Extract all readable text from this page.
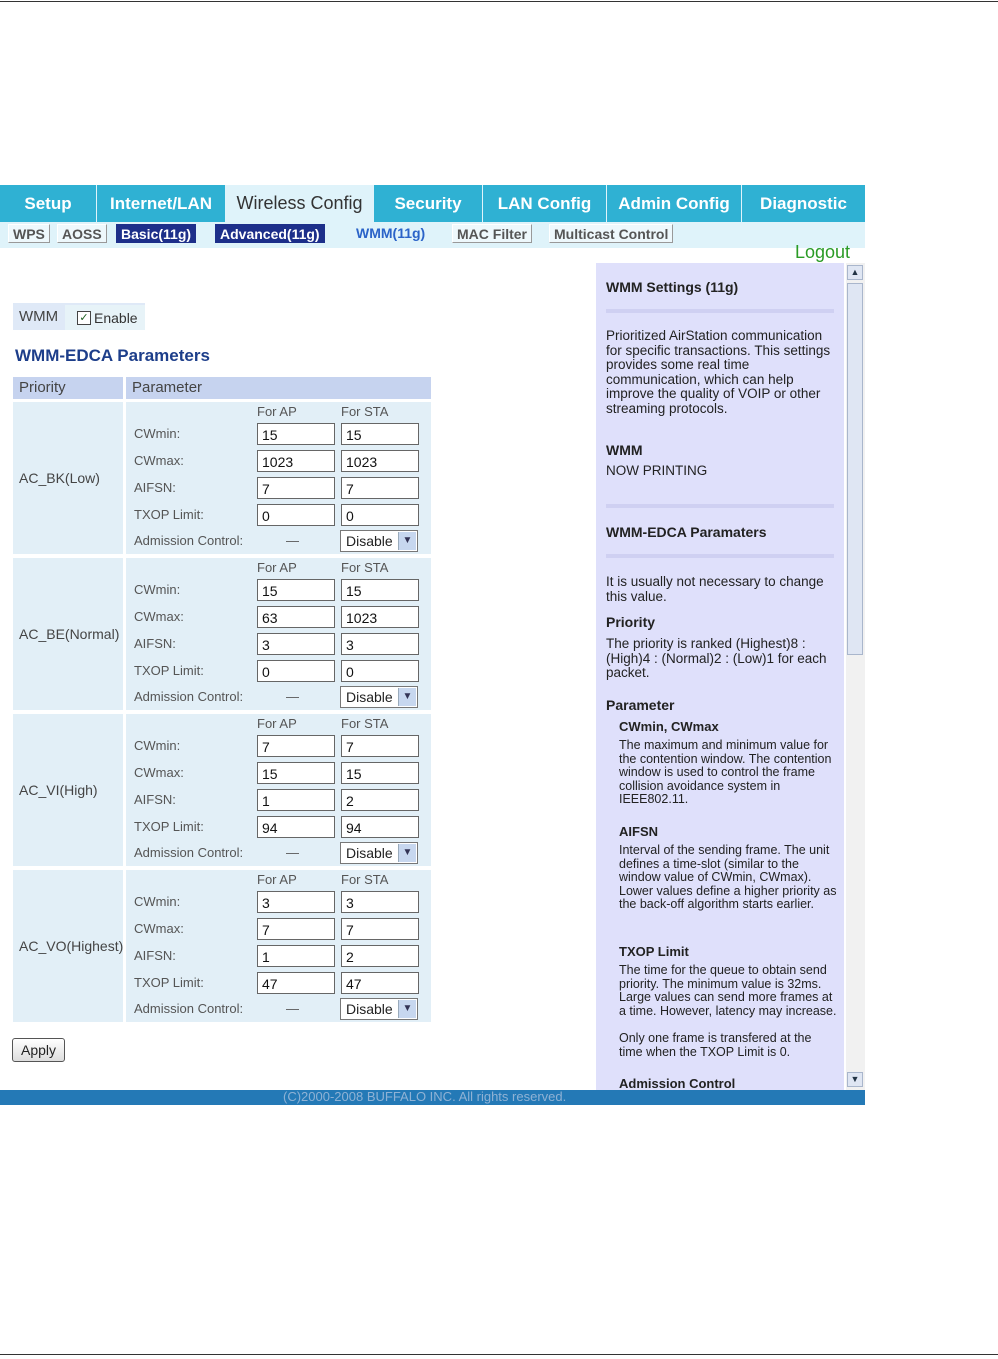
Setup	Internet/LAN	Wireless Config	Security	LAN Config	Admin Config	Diagnostic
WPS	AOSS	Basic(11g)	Advanced(11g)	WMM(11g)	MAC Filter	Multicast Control
Logout
WMM ✓ Enable
WMM-EDCA Parameters
Priority	Parameter
AC_BK(Low)
For AP	For STA
CWmin:	15	15
CWmax:	1023	1023
AIFSN:	7	7
TXOP Limit:	0	0
Admission Control:	—	Disable ▼
AC_BE(Normal)
For AP	For STA
CWmin:	15	15
CWmax:	63	1023
AIFSN:	3	3
TXOP Limit:	0	0
Admission Control:	—	Disable ▼
AC_VI(High)
For AP	For STA
CWmin:	7	7
CWmax:	15	15
AIFSN:	1	2
TXOP Limit:	94	94
Admission Control:	—	Disable ▼
AC_VO(Highest)
For AP	For STA
CWmin:	3	3
CWmax:	7	7
AIFSN:	1	2
TXOP Limit:	47	47
Admission Control:	—	Disable ▼
Apply
WMM Settings (11g)
Prioritized AirStation communication for specific transactions. This settings provides some real time communication, which can help improve the quality of VOIP or other streaming protocols.
WMM
NOW PRINTING
WMM-EDCA Paramaters
It is usually not necessary to change this value.
Priority
The priority is ranked (Highest)8 : (High)4 : (Normal)2 : (Low)1 for each packet.
Parameter
CWmin, CWmax
The maximum and minimum value for the contention window. The contention window is used to control the frame collision avoidance system in IEEE802.11.
AIFSN
Interval of the sending frame. The unit defines a time-slot (similar to the window value of CWmin, CWmax). Lower values define a higher priority as the back-off algorithm starts earlier.
TXOP Limit
The time for the queue to obtain send priority. The minimum value is 32ms. Large values can send more frames at a time. However, latency may increase.
Only one frame is transfered at the time when the TXOP Limit is 0.
Admission Control
▲
▼
(C)2000-2008 BUFFALO INC. All rights reserved.
